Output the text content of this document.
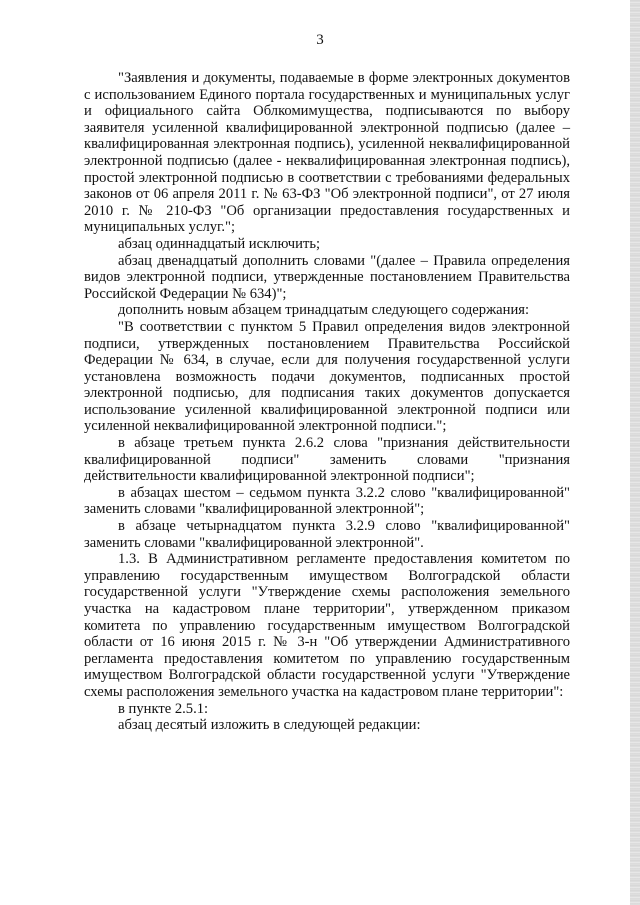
3

"Заявления и документы, подаваемые в форме электронных документов с использованием Единого портала государственных и муниципальных услуг и официального сайта Облкомимущества, подписываются по выбору заявителя усиленной квалифицированной электронной подписью (далее – квалифицированная электронная подпись), усиленной неквалифицированной электронной подписью (далее - неквалифицированная электронная подпись), простой электронной подписью в соответствии с требованиями федеральных законов от 06 апреля 2011 г. № 63-ФЗ "Об электронной подписи", от 27 июля 2010 г. № 210-ФЗ "Об организации предоставления государственных и муниципальных услуг.";

абзац одиннадцатый исключить;

абзац двенадцатый дополнить словами "(далее – Правила определения видов электронной подписи, утвержденные постановлением Правительства Российской Федерации № 634)";

дополнить новым абзацем тринадцатым следующего содержания:

"В соответствии с пунктом 5 Правил определения видов электронной подписи, утвержденных постановлением Правительства Российской Федерации № 634, в случае, если для получения государственной услуги установлена возможность подачи документов, подписанных простой электронной подписью, для подписания таких документов допускается использование усиленной квалифицированной электронной подписи или усиленной неквалифицированной электронной подписи.";

в абзаце третьем пункта 2.6.2 слова "признания действительности квалифицированной подписи" заменить словами "признания действительности квалифицированной электронной подписи";

в абзацах шестом – седьмом пункта 3.2.2 слово "квалифицированной" заменить словами "квалифицированной электронной";

в абзаце четырнадцатом пункта 3.2.9 слово "квалифицированной" заменить словами "квалифицированной электронной".

1.3. В Административном регламенте предоставления комитетом по управлению государственным имуществом Волгоградской области государственной услуги "Утверждение схемы расположения земельного участка на кадастровом плане территории", утвержденном приказом комитета по управлению государственным имуществом Волгоградской области от 16 июня 2015 г. № 3-н "Об утверждении Административного регламента предоставления комитетом по управлению государственным имуществом Волгоградской области государственной услуги "Утверждение схемы расположения земельного участка на кадастровом плане территории":

в пункте 2.5.1:

абзац десятый изложить в следующей редакции:
